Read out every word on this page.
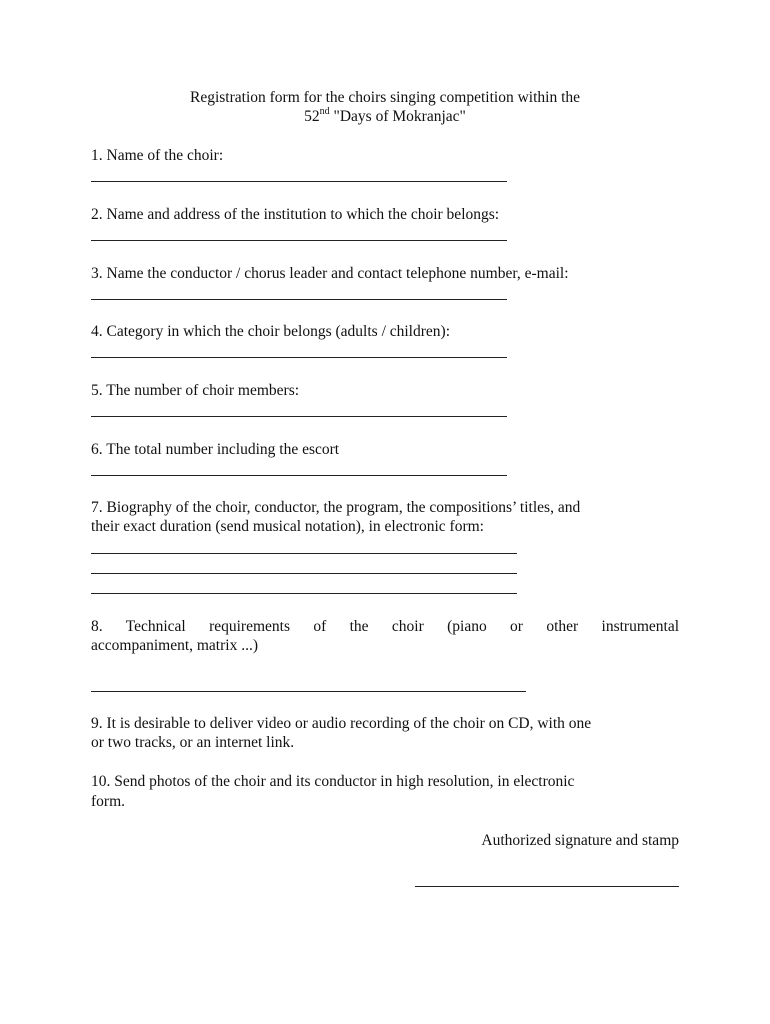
Registration form for the choirs singing competition within the
52nd "Days of Mokranjac"
1. Name of the choir:
2. Name and address of the institution to which the choir belongs:
3. Name the conductor / chorus leader and contact telephone number, e-mail:
4. Category in which the choir belongs (adults / children):
5. The number of choir members:
6. The total number including the escort
7. Biography of the choir, conductor, the program, the compositions’ titles, and
their exact duration (send musical notation), in electronic form:
8. Technical requirements of the choir (piano or other instrumental
accompaniment, matrix ...)
9. It is desirable to deliver video or audio recording of the choir on CD, with one
or two tracks, or an internet link.
10. Send photos of the choir and its conductor in high resolution, in electronic
form.
Authorized signature and stamp
